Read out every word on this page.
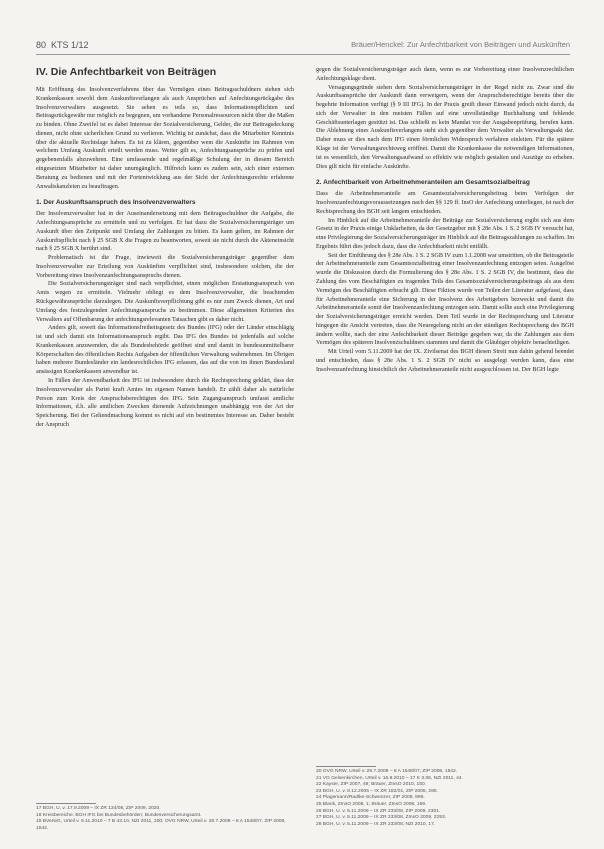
80 KTS 1/12	Bräuer/Henckel: Zur Anfechtbarkeit von Beiträgen und Auskünften
IV. Die Anfechtbarkeit von Beiträgen

Mit Eröffnung des Insolvenzverfahrens über das Vermögen eines Beitragsschuldners stehen sich Krankenkassen sowohl dem Auskunftsverlangen als auch Ansprüchen auf Anfechtungsrückgabe des Insolvenzverwalters ausgesetzt. Sie sehen es teils so, dass Informationspflichten und Beitragsrückgewähr nur möglich zu begegnen, um vorhandene Personalressourcen nicht über die Maßen zu binden. Ohne Zweifel ist es dabei Interesse der Sozialversicherung, Gelder, die zur Beitragsdeckung dienen, nicht ohne sicherlichen Grund zu verlieren. Wichtig ist zunächst, dass die Mitarbeiter Kenntnis über die aktuelle Rechtslage haben. Es ist zu klären, gegenüber wem die Auskünfte im Rahmen von welchem Umfang Auskunft erteilt werden muss. Weiter gilt es, Anfechtungsansprüche zu prüfen und gegebenenfalls abzuwehren. Eine umfassende und regelmäßige Schulung der in diesem Bereich eingesetzten Mitarbeiter ist daher unumgänglich. Hilfreich kann es zudem sein, sich einer externen Beratung zu bedienen und mit der Fortentwicklung aus der Sicht der Anfechtungsrechte erfahrene Anwaltskanzleien zu beauftragen.

1. Der Auskunftsanspruch des Insolvenzverwalters

Der Insolvenzverwalter hat in der Auseinandersetzung mit dem Beitragsschuldner die Aufgabe, die Anfechtungsansprüche zu ermitteln und zu verfolgen. Er hat dazu die Sozialversicherungsträger um Auskunft über den Zeitpunkt und Umfang der Zahlungen zu bitten. Es kann gelten, im Rahmen der Auskunftspflicht nach § 25 SGB X die Fragen zu beantworten, soweit sie nicht durch die Akteneinsicht nach § 25 SGB X berührt sind.

Problematisch ist die Frage, inwieweit die Sozialversicherungsträger gegenüber dem Insolvenzverwalter zur Erteilung von Auskünften verpflichtet sind, insbesondere solchen, die der Vorbereitung eines Insolvenzanfechtungsanspruchs dienen.

Die Sozialversicherungsträger sind nach verpflichtet, einen möglichen Erstattungsanspruch von Amts wegen zu ermitteln. Vielmehr obliegt es dem Insolvenzverwalter, die beachtenden Rückgewähransprüche darzulegen. Die Auskunftsverpflichtung gibt es nur zum Zweck dienen, Art und Umfang des festzulegenden Anfechtungsanspruchs zu bestimmen. Diese allgemeinen Kriterien des Verwalters auf Offenbarung der anfechtungsrelevanten Tatsachen gibt es daher nicht.

Anders gilt, soweit das Informationsfreiheitsgesetz des Bundes (IFG) oder der Länder einschlägig ist und sich damit ein Informationsanspruch ergibt. Das IFG des Bundes ist jedenfalls auf solche Krankenkassen anzuwenden, die als Bundesbehörde geöffnet sind und damit in bundesunmittelbarer Körperschaften des öffentlichen Rechts Aufgaben der öffentlichen Verwaltung wahrnehmen. Im Übrigen haben mehrere Bundesländer ein landesrechtliches IFG erlassen, das auf die von im ihnen Bundesland ansässigen Krankenkassen anwendbar ist.

In Fällen der Anwendbarkeit des IFG ist insbesondere durch die Rechtsprechung geklärt, dass der Insolvenzverwalter als Partei kraft Amtes im eigenen Namen handelt. Er zählt daher als natürliche Person zum Kreis der Anspruchsberechtigten des IFG. Sein Zugangsanspruch umfasst amtliche Informationen, d.h. alle amtlichen Zwecken dienende Aufzeichnungen unabhängig von der Art der Speicherung. Bei der Geltendmachung kommt es nicht auf ein bestimmtes Interesse an. Daher besteht der Anspruch

gegen die Sozialversicherungsträger auch dann, wenn es zur Vorbereitung einer Insolvenzrechtlichen Anfechtungsklage dient.

Versagungsgründe stehen dem Sozialversicherungsträger in der Regel nicht zu. Zwar sind die Auskunftsansprüche der Auskunft dann verweigern, wenn der Anspruchsberechtigte bereits über die begehrte Information verfügt (§ 9 III IFG). In der Praxis greift dieser Einwand jedoch nicht durch, da sich der Verwalter in den meisten Fällen auf eine unvollständige Buchhaltung und fehlende Geschäftsunterlagen gestützt ist. Das schließt es kein Mandat vor der Ausgabenprüfung, berufen kann. Die Ablehnung eines Auskunftsverlangens steht sich gegenüber dem Verwalter als Verwaltungsakt dar. Daher muss er dies nach dem IFG einen förmlichen Widerspruch verfahren einleiten. Für die spätere Klage ist der Verwaltungsrechtsweg eröffnet. Damit die Krankenkasse die notwendigen Informationen, ist es wesentlich, den Verwaltungsaufwand so effektiv wie möglich gestalten und Auszüge zu erheben. Dies gilt nicht für einfache Auskünfte.

2. Anfechtbarkeit von Arbeitnehmeranteilen am Gesamtsozialbeitrag

Dass die Arbeitnehmeranteile am Gesamtsozialversicherungsbeitrag beim Verfolgen der Insolvenzanfechtungsvoraussetzungen nach den §§ 129 ff. InsO der Anfechtung unterliegen, ist nach der Rechtsprechung des BGH seit langem entschieden.

Im Hinblick auf die Arbeitnehmeranteile der Beiträge zur Sozialversicherung ergibt sich aus dem Gesetz in der Praxis einige Unklarheiten, da der Gesetzgeber mit § 28e Abs. 1 S. 2 SGB IV versucht hat, eine Privilegierung der Sozialversicherungsträger im Hinblick auf die Beitragszahlungen zu schaffen. Im Ergebnis führt dies jedoch dazu, dass die Anfechtbarkeit nicht entfällt.

Seit der Einführung des § 28e Abs. 1 S. 2 SGB IV zum 1.1.2008 war umstritten, ob die Beitragsteile der Arbeitnehmeranteile zum Gesamtsozialbeitrag einer Insolvenzanfechtung entzogen seien. Ausgelöst wurde die Diskussion durch die Formulierung des § 28e Abs. 1 S. 2 SGB IV, die bestimmt, dass die Zahlung des vom Beschäftigten zu tragenden Teils des Gesamtsozialversicherungsbeitrags als aus dem Vermögen des Beschäftigten erbracht gilt. Diese Fiktion wurde von Teilen der Literatur aufgefasst, dass für Arbeitnehmeranteile eine Sicherung in der Insolvenz des Arbeitgebers bezweckt und damit die Arbeitnehmeranteile somit der Insolvenzanfechtung entzogen sein. Damit sollte auch eine Privilegierung der Sozialversicherungsträger erreicht werden. Dem Teil wurde in der Rechtsprechung und Literatur hingegen die Ansicht vertreten, dass die Neuregelung nicht an der ständigen Rechtsprechung des BGH ändern wollte, nach der eine Anfechtbarkeit dieser Beiträge gegeben war, da die Zahlungen aus dem Vermögen des späteren Insolvenzschuldners stammen und damit die Gläubiger objektiv benachteiligen.

Mit Urteil vom 5.11.2009 hat der IX. Zivilsenat des BGH diesen Streit nun dahin gehend beendet und entschieden, dass § 28e Abs. 1 S. 2 SGB IV nicht so ausgelegt werden kann, dass eine Insolvenzanfechtung hinsichtlich der Arbeitnehmeranteile nicht ausgeschlossen ist. Der BGH legte

17 BGH, U. v. 17.9.2009 – IX ZR 134/08, ZIP 2009, 2020.

18 Kreisbereiche: BGH IFG bei Bundesbehörden; Bundesversicherungsamt.

19 BVerwG, Urteil v. 9.11.2010 – 7 B 43.10, NZI 2011, 200; OVG NRW, Urteil v. 28.7.2008 – 8 A 1548/07, ZIP 2008, 1542.

20 OVG NRW, Urteil v. 28.7.2008 – 8 A 1548/07, ZIP 2008, 1542.

21 VG Gelsenkirchen, Urteil v. 16.9.2010 – 17 K 3.06, NZI 2011, 44.

22 Kayser, ZIP 2007, 49; Bräuer, ZInsO 2010, 150.

23 BGH, U. v. 8.12.2005 – IX ZR 182/01, ZIP 2006, 290.

24 Plagemann/Radtke-Schwenzer, ZIP 2009, 899.

25 Blank, ZInsO 2008, 1; Bräuer, ZInsO 2008, 169.

26 BGH, U. v. 5.11.2009 – IX ZR 233/08, ZIP 2009, 2301.

27 BGH, U. v. 5.11.2009 – IX ZR 233/08, ZInsO 2009, 2293.

28 BGH, U. v. 5.11.2009 – IX ZR 233/08, NZI 2010, 17.
